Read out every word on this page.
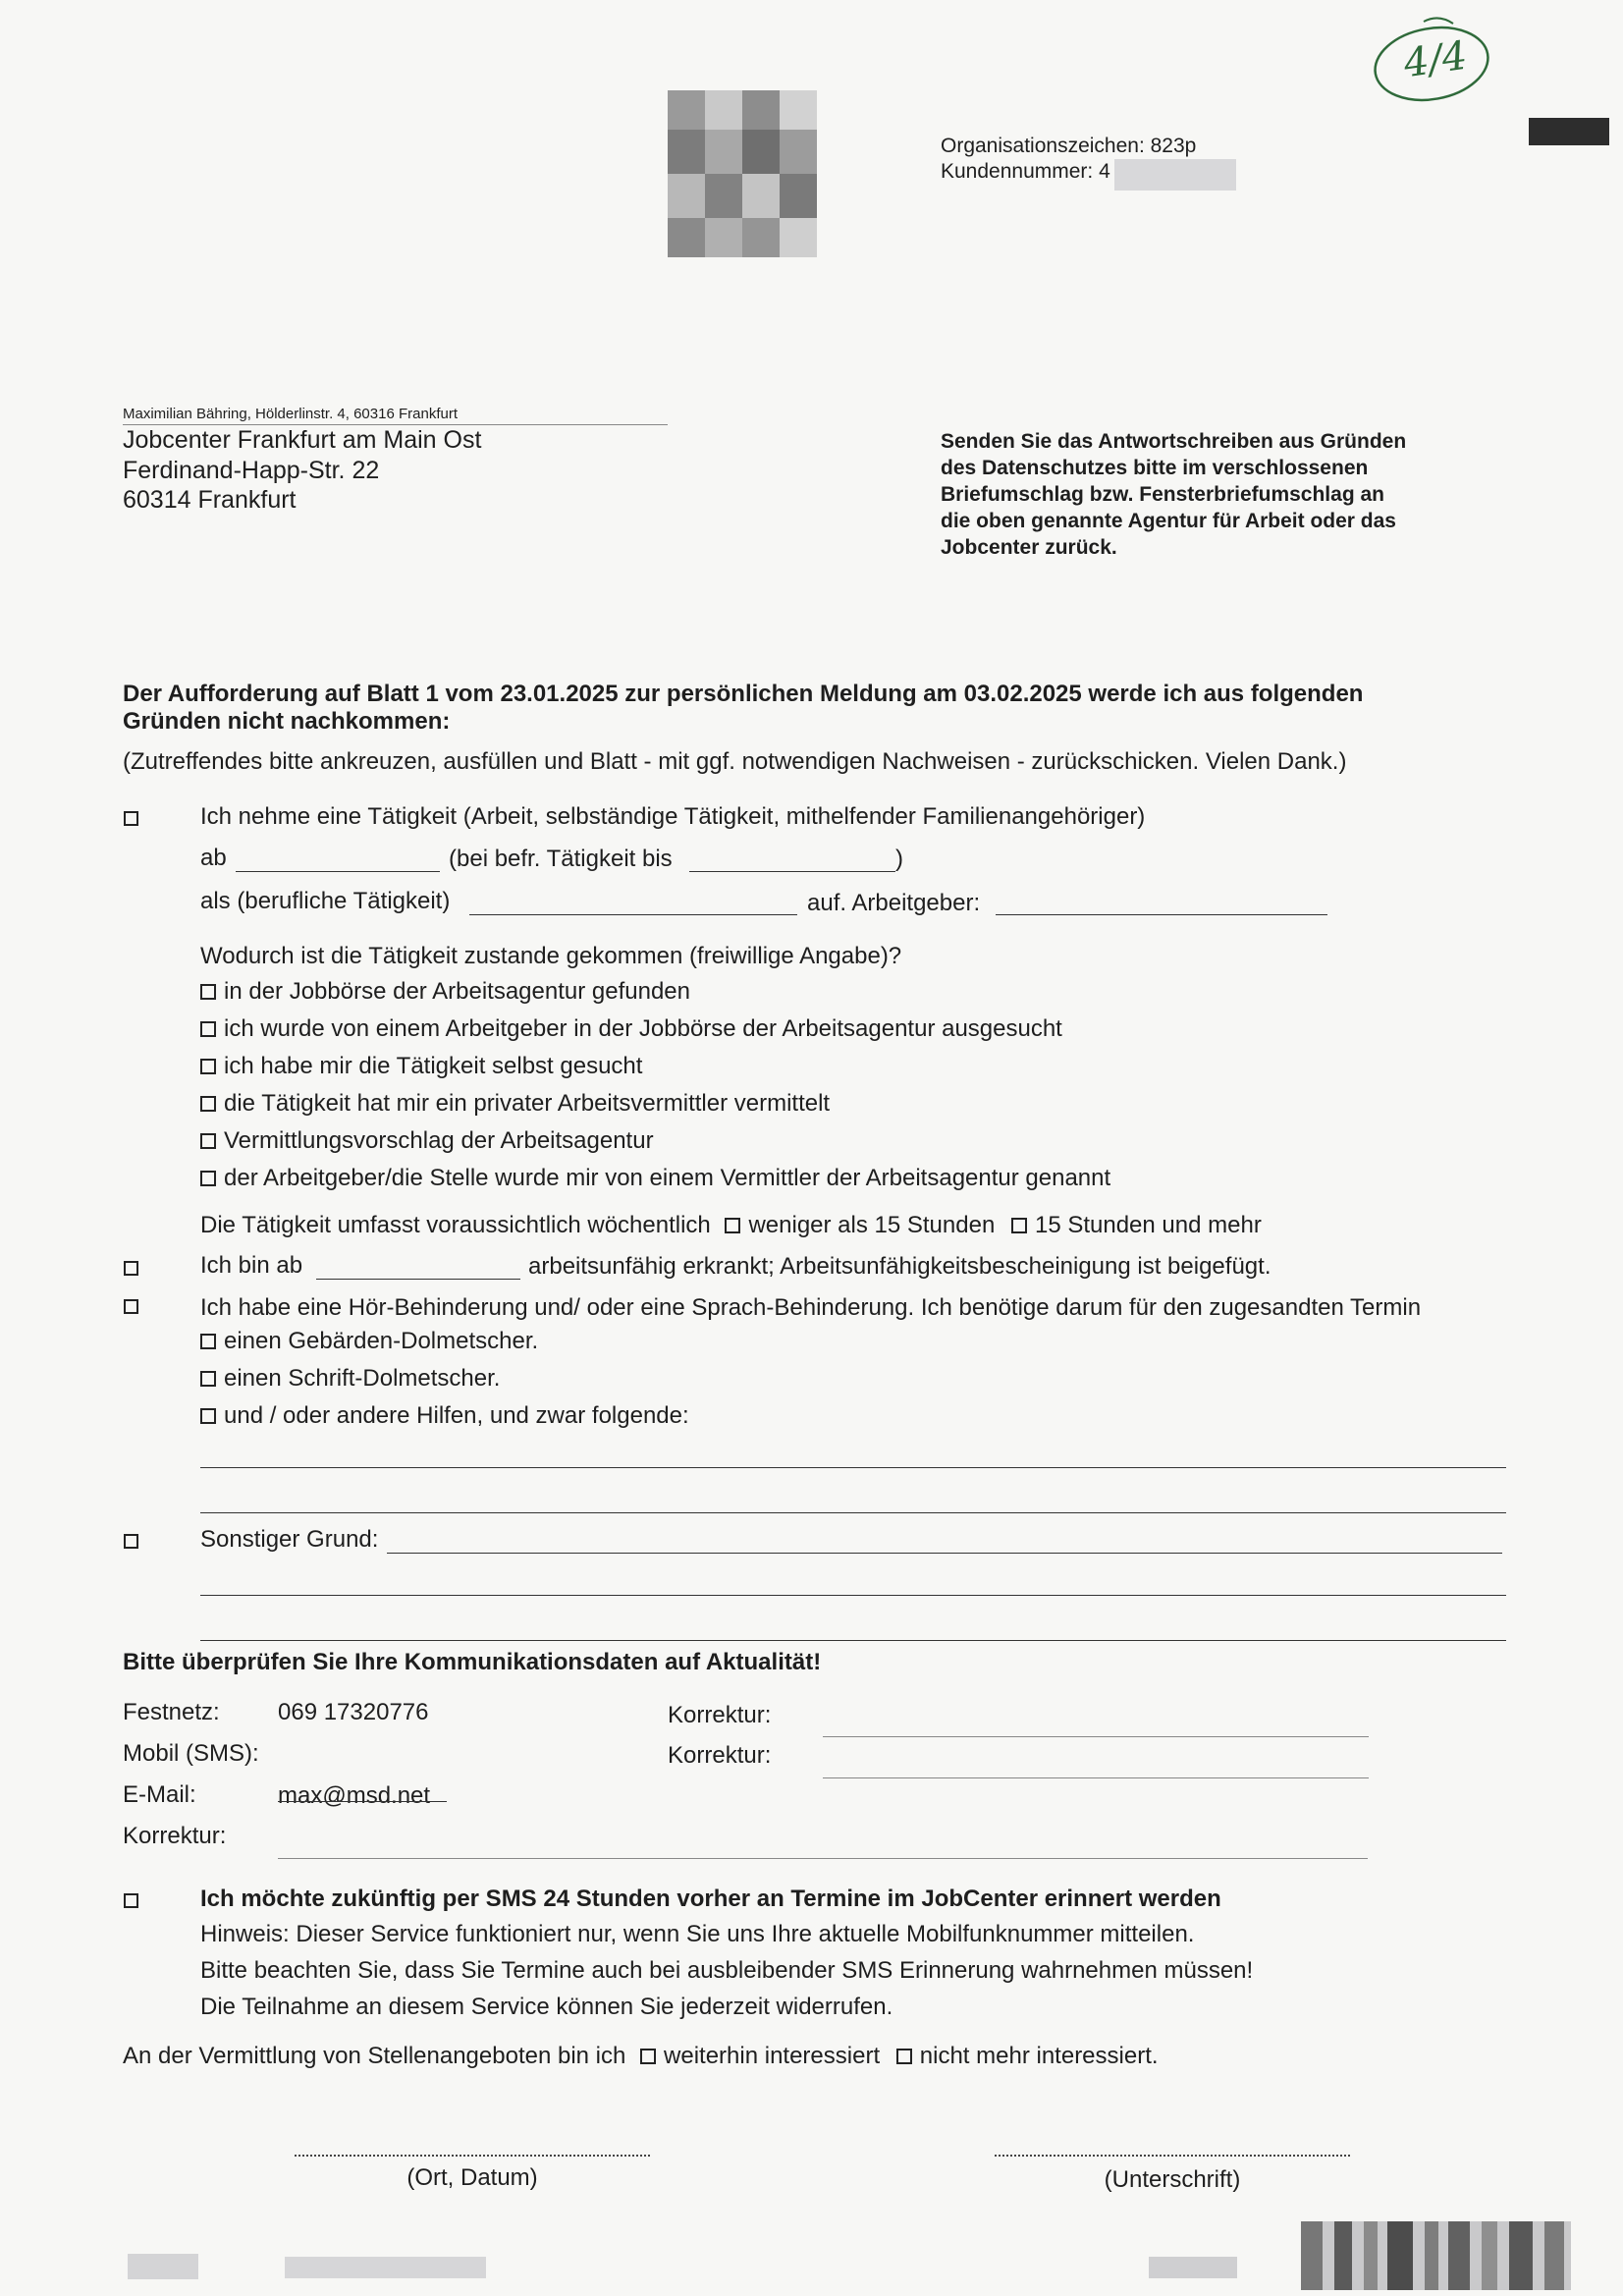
4/4
Organisationszeichen: 823p
Kundennummer: 4
Maximilian Bähring, Hölderlinstr. 4, 60316 Frankfurt
Jobcenter Frankfurt am Main Ost
Ferdinand-Happ-Str. 22
60314 Frankfurt
Senden Sie das Antwortschreiben aus Gründen
des Datenschutzes bitte im verschlossenen
Briefumschlag bzw. Fensterbriefumschlag an
die oben genannte Agentur für Arbeit oder das
Jobcenter zurück.
Der Aufforderung auf Blatt 1 vom 23.01.2025 zur persönlichen Meldung am 03.02.2025 werde ich aus folgenden
Gründen nicht nachkommen:
(Zutreffendes bitte ankreuzen, ausfüllen und Blatt - mit ggf. notwendigen Nachweisen - zurückschicken. Vielen Dank.)
Ich nehme eine Tätigkeit (Arbeit, selbständige Tätigkeit, mithelfender Familienangehöriger)
ab	(bei befr. Tätigkeit bis	)
als (berufliche Tätigkeit)	auf. Arbeitgeber:
Wodurch ist die Tätigkeit zustande gekommen (freiwillige Angabe)?
in der Jobbörse der Arbeitsagentur gefunden
ich wurde von einem Arbeitgeber in der Jobbörse der Arbeitsagentur ausgesucht
ich habe mir die Tätigkeit selbst gesucht
die Tätigkeit hat mir ein privater Arbeitsvermittler vermittelt
Vermittlungsvorschlag der Arbeitsagentur
der Arbeitgeber/die Stelle wurde mir von einem Vermittler der Arbeitsagentur genannt
Die Tätigkeit umfasst voraussichtlich wöchentlich weniger als 15 Stunden 15 Stunden und mehr
Ich bin ab	arbeitsunfähig erkrankt; Arbeitsunfähigkeitsbescheinigung ist beigefügt.
Ich habe eine Hör-Behinderung und/ oder eine Sprach-Behinderung. Ich benötige darum für den zugesandten Termin
einen Gebärden-Dolmetscher.
einen Schrift-Dolmetscher.
und / oder andere Hilfen, und zwar folgende:
Sonstiger Grund:
Bitte überprüfen Sie Ihre Kommunikationsdaten auf Aktualität!
Festnetz: 069 17320776	Korrektur:
Mobil (SMS):	Korrektur:
E-Mail:	max@msd.net
Korrektur:
Ich möchte zukünftig per SMS 24 Stunden vorher an Termine im JobCenter erinnert werden
Hinweis: Dieser Service funktioniert nur, wenn Sie uns Ihre aktuelle Mobilfunknummer mitteilen.
Bitte beachten Sie, dass Sie Termine auch bei ausbleibender SMS Erinnerung wahrnehmen müssen!
Die Teilnahme an diesem Service können Sie jederzeit widerrufen.
An der Vermittlung von Stellenangeboten bin ich weiterhin interessiert nicht mehr interessiert.
(Ort, Datum)	(Unterschrift)
